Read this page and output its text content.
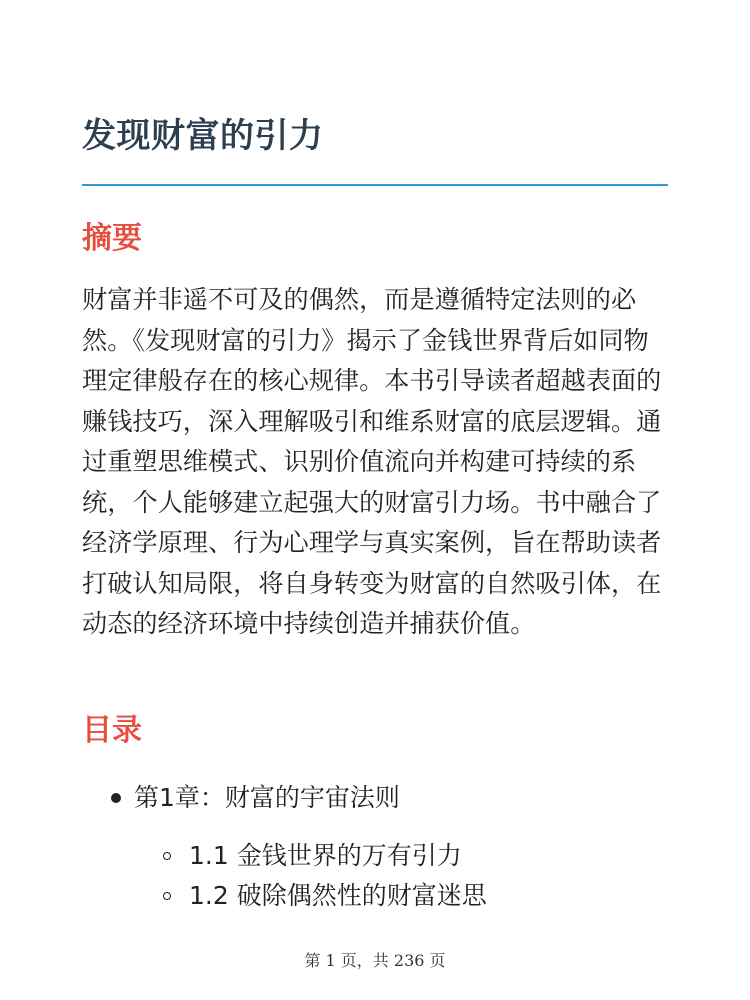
发现财富的引力
摘要

财富并非遥不可及的偶然，而是遵循特定法则的必然。《发现财富的引力》揭示了金钱世界背后如同物理定律般存在的核心规律。本书引导读者超越表面的赚钱技巧，深入理解吸引和维系财富的底层逻辑。通过重塑思维模式、识别价值流向并构建可持续的系统，个人能够建立起强大的财富引力场。书中融合了经济学原理、行为心理学与真实案例，旨在帮助读者打破认知局限，将自身转变为财富的自然吸引体，在动态的经济环境中持续创造并捕获价值。

目录
第1章：财富的宇宙法则
1.1 金钱世界的万有引力
1.2 破除偶然性的财富迷思
第 1 页，共 236 页
